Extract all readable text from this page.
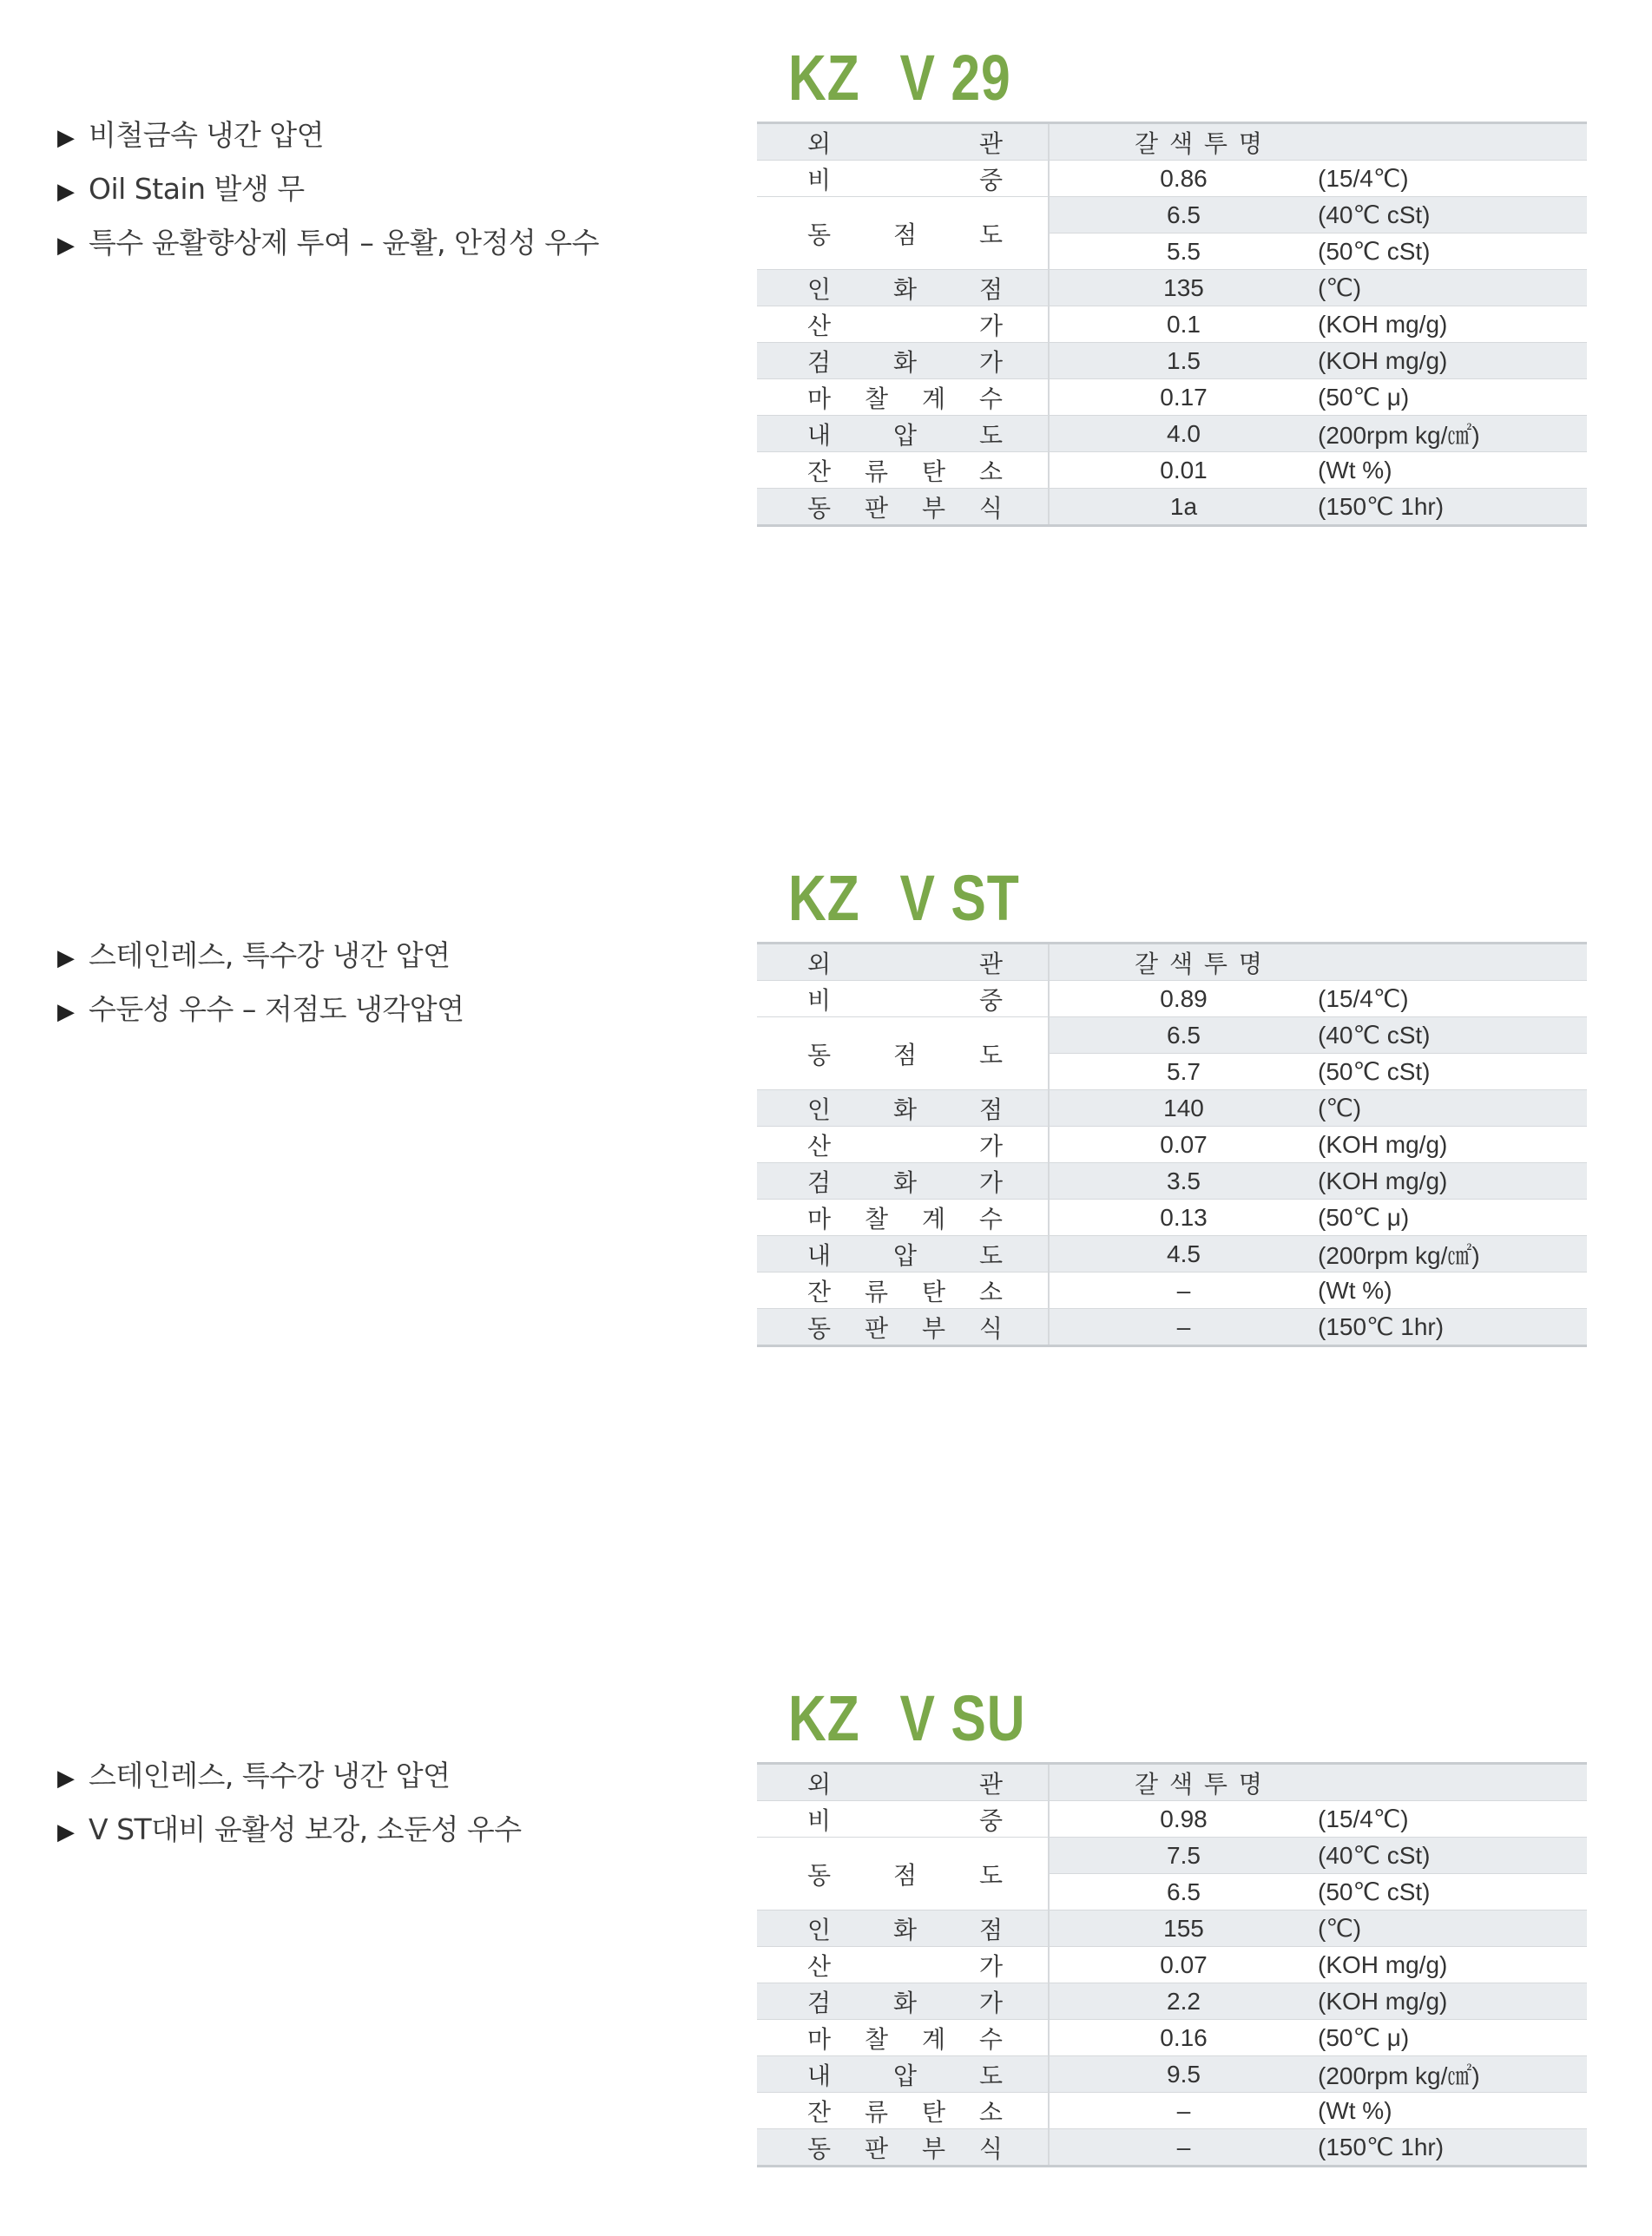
KZ V 29
▶ 비철금속 냉간 압연
▶ Oil Stain 발생 무
▶ 특수 윤활향상제 투여 – 윤활, 안정성 우수
외 관	갈 색 투 명	

비 중	0.86	(15/4℃)

동 점 도	6.5	(40℃ cSt)
	5.5	(50℃ cSt)

인 화 점	135	(℃)

산 가	0.1	(KOH mg/g)

검 화 가	1.5	(KOH mg/g)

마 찰 계 수	0.17	(50℃ μ)

내 압 도	4.0	(200rpm kg/㎠)

잔 류 탄 소	0.01	(Wt %)

동 판 부 식	1a	(150℃ 1hr)
KZ V ST
▶ 스테인레스, 특수강 냉간 압연
▶ 수둔성 우수 – 저점도 냉각압연
외 관	갈 색 투 명	

비 중	0.89	(15/4℃)

동 점 도	6.5	(40℃ cSt)
	5.7	(50℃ cSt)

인 화 점	140	(℃)

산 가	0.07	(KOH mg/g)

검 화 가	3.5	(KOH mg/g)

마 찰 계 수	0.13	(50℃ μ)

내 압 도	4.5	(200rpm kg/㎠)

잔 류 탄 소	–	(Wt %)

동 판 부 식	–	(150℃ 1hr)
KZ V SU
▶ 스테인레스, 특수강 냉간 압연
▶ V ST대비 윤활성 보강, 소둔성 우수
외 관	갈 색 투 명	

비 중	0.98	(15/4℃)

동 점 도	7.5	(40℃ cSt)
	6.5	(50℃ cSt)

인 화 점	155	(℃)

산 가	0.07	(KOH mg/g)

검 화 가	2.2	(KOH mg/g)

마 찰 계 수	0.16	(50℃ μ)

내 압 도	9.5	(200rpm kg/㎠)

잔 류 탄 소	–	(Wt %)

동 판 부 식	–	(150℃ 1hr)
